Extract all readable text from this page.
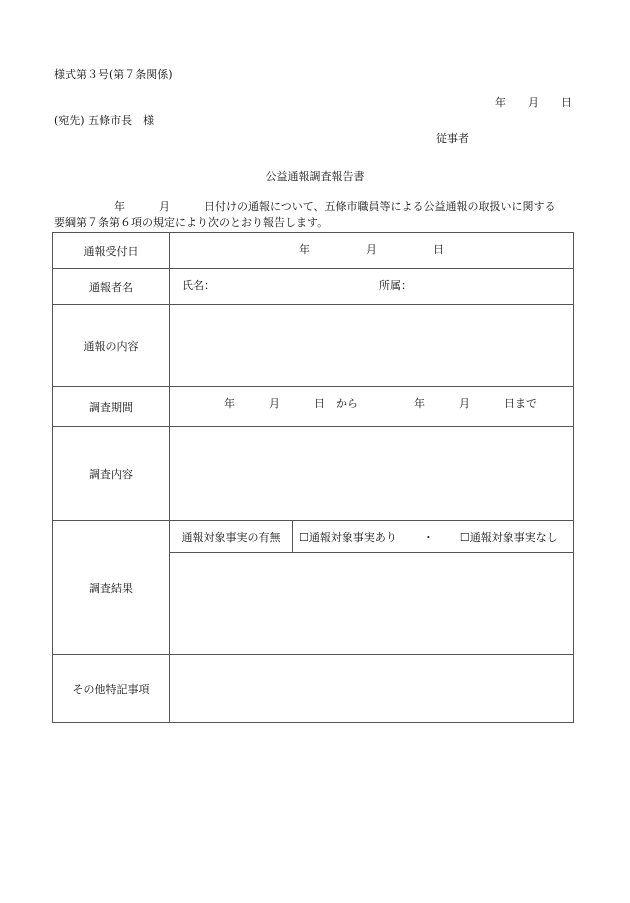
様式第３号(第７条関係)
年 月 日
(宛先) 五條市長　様
従事者
公益通報調査報告書
年	月	日付けの通報について、五條市職員等による公益通報の取扱いに関する
要綱第７条第６項の規定により次のとおり報告します。
通報受付日	年 月 日	
通報者名	氏名： 所属：	
通報の内容		
調査期間	年 月 日　から 年 月 日まで	
調査内容		
調査結果	通報対象事実の有無	☐通報対象事実あり ・ ☐通報対象事実なし

その他特記事項		
